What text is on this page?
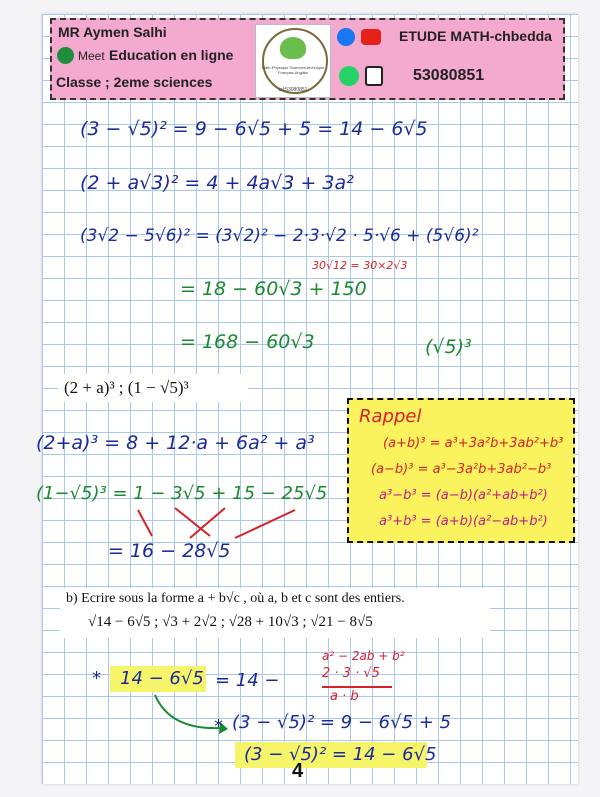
MR Aymen Salhi
Meet Education en ligne
Classe ; 2eme sciences
Math-Physique Sciences-technique Français-Anglais
tel:53080851
ETUDE MATH-chbedda
53080851
(3 − √5)² = 9 − 6√5 + 5 = 14 − 6√5
(2 + a√3)² = 4 + 4a√3 + 3a²
(3√2 − 5√6)² = (3√2)² − 2·3·√2 · 5·√6 + (5√6)²
30√12 = 30×2√3
= 18 − 60√3 + 150
= 168 − 60√3	(√5)³
(2 + a)³ ; (1 − √5)³
(2+a)³ = 8 + 12·a + 6a² + a³
(1−√5)³ = 1 − 3√5 + 15 − 25√5
= 16 − 28√5
Rappel
(a+b)³ = a³+3a²b+3ab²+b³
(a−b)³ = a³−3a²b+3ab²−b³
a³−b³ = (a−b)(a²+ab+b²)
a³+b³ = (a+b)(a²−ab+b²)
b) Ecrire sous la forme a + b√c , où a, b et c sont des entiers.
√14 − 6√5 ; √3 + 2√2 ; √28 + 10√3 ; √21 − 8√5
a² − 2ab + b²
* 14 − 6√5 = 14 −	2 · 3 · √5
a · b
* (3 − √5)² = 9 − 6√5 + 5
(3 − √5)² = 14 − 6√5
4
